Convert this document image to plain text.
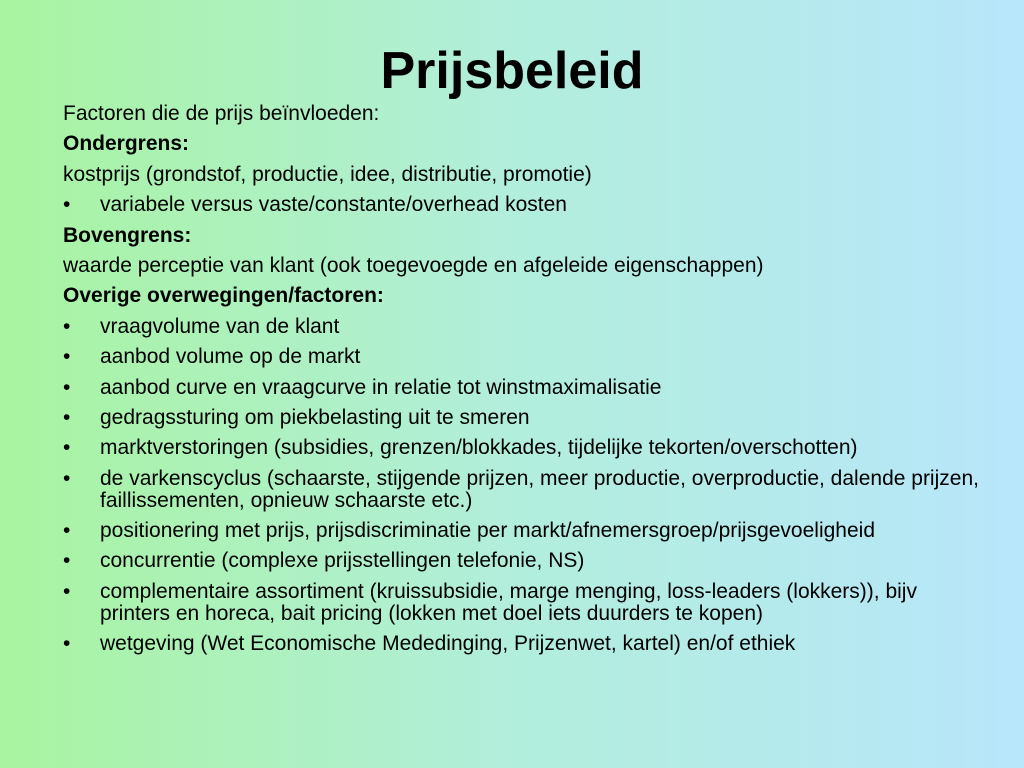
Prijsbeleid
Factoren die de prijs beïnvloeden:
Ondergrens:
kostprijs (grondstof, productie, idee, distributie, promotie)
• variabele versus vaste/constante/overhead kosten
Bovengrens:
waarde perceptie van klant (ook toegevoegde en afgeleide eigenschappen)
Overige overwegingen/factoren:
• vraagvolume van de klant
• aanbod volume op de markt
• aanbod curve en vraagcurve in relatie tot winstmaximalisatie
• gedragssturing om piekbelasting uit te smeren
• marktverstoringen (subsidies, grenzen/blokkades, tijdelijke tekorten/overschotten)
• de varkenscyclus (schaarste, stijgende prijzen, meer productie, overproductie, dalende prijzen, faillissementen, opnieuw schaarste etc.)
• positionering met prijs, prijsdiscriminatie per markt/afnemersgroep/prijsgevoeligheid
• concurrentie (complexe prijsstellingen telefonie, NS)
• complementaire assortiment (kruissubsidie, marge menging, loss-leaders (lokkers)), bijv printers en horeca, bait pricing (lokken met doel iets duurders te kopen)
• wetgeving (Wet Economische Mededinging, Prijzenwet, kartel) en/of ethiek
